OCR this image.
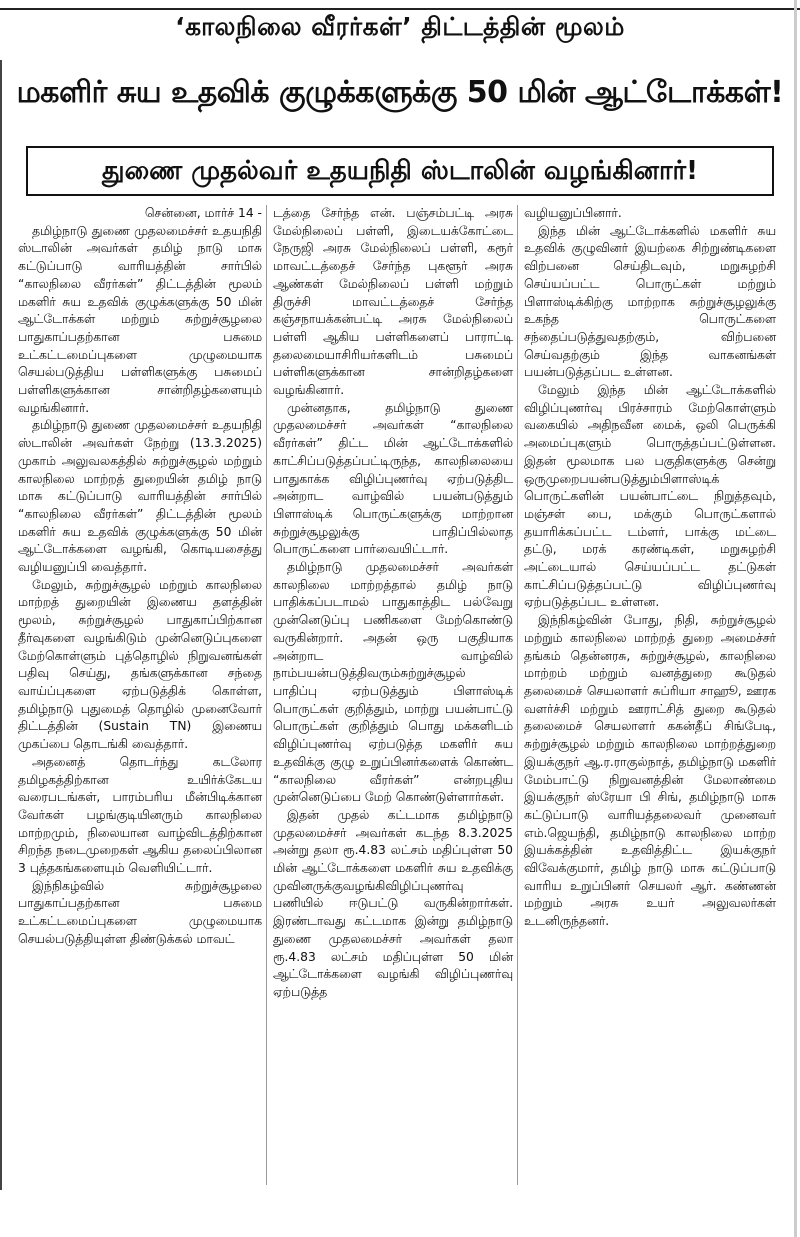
‘காலநிலை வீரர்கள்’ திட்டத்தின் மூலம்
மகளிர் சுய உதவிக் குழுக்களுக்கு 50 மின் ஆட்டோக்கள்!
துணை முதல்வர் உதயநிதி ஸ்டாலின் வழங்கினார்!
சென்னை, மார்ச் 14 -

தமிழ்நாடு துணை முதலமைச்சர் உதயநிதி ஸ்டாலின் அவர்கள் தமிழ் நாடு மாசு கட்டுப்பாடு வாரியத்தின் சார்பில் “காலநிலை வீரர்கள்” திட்டத்தின் மூலம் மகளிர் சுய உதவிக் குழுக்களுக்கு 50 மின் ஆட்டோக்கள் மற்றும் சுற்றுச்சூழலை பாதுகாப்பதற்கான பசுமை உட்கட்டமைப்புகளை முழுமையாக செயல்படுத்திய பள்ளிகளுக்கு பசுமைப் பள்ளிகளுக்கான சான்றிதழ்களையும் வழங்கினார்.

தமிழ்நாடு துணை முதலமைச்சர் உதயநிதி ஸ்டாலின் அவர்கள் நேற்று (13.3.2025) முகாம் அலுவலகத்தில் சுற்றுச்சூழல் மற்றும் காலநிலை மாற்றத் துறையின் தமிழ் நாடு மாசு கட்டுப்பாடு வாரியத்தின் சார்பில் “காலநிலை வீரர்கள்” திட்டத்தின் மூலம் மகளிர் சுய உதவிக் குழுக்களுக்கு 50 மின் ஆட்டோக்களை வழங்கி, கொடியசைத்து வழியனுப்பி வைத்தார்.

மேலும், சுற்றுச்சூழல் மற்றும் காலநிலை மாற்றத் துறையின் இணைய தளத்தின் மூலம், சுற்றுச்சூழல் பாதுகாப்பிற்கான தீர்வுகளை வழங்கிடும் முன்னெடுப்புகளை மேற்கொள்ளும் புத்தொழில் நிறுவனங்கள் பதிவு செய்து, தங்களுக்கான சந்தை வாய்ப்புகளை ஏற்படுத்திக் கொள்ள, தமிழ்நாடு புதுமைத் தொழில் முனைவோர் திட்டத்தின் (Sustain TN) இணைய முகப்பை தொடங்கி வைத்தார்.

அதனைத் தொடர்ந்து கடலோர தமிழகத்திற்கான உயிர்க்கேடய வரைபடங்கள், பாரம்பரிய மீன்பிடிக்கான வேர்கள் பழங்குடியினரும் காலநிலை மாற்றமும், நிலையான வாழ்விடத்திற்கான சிறந்த நடைமுறைகள் ஆகிய தலைப்பிலான 3 புத்தகங்களையும் வெளியிட்டார்.

இந்நிகழ்வில் சுற்றுச்சூழலை பாதுகாப்பதற்கான பசுமை உட்கட்டமைப்புகளை முழுமையாக செயல்படுத்தியுள்ள திண்டுக்கல் மாவட்

டத்தை சேர்ந்த என். பஞ்சம்பட்டி அரசு மேல்நிலைப் பள்ளி, இடையக்கோட்டை நேருஜி அரசு மேல்நிலைப் பள்ளி, கரூர் மாவட்டத்தைச் சேர்ந்த புகளூர் அரசு ஆண்கள் மேல்நிலைப் பள்ளி மற்றும் திருச்சி மாவட்டத்தைச் சேர்ந்த கஞ்சநாயக்கன்பட்டி அரசு மேல்நிலைப் பள்ளி ஆகிய பள்ளிகளைப் பாராட்டி தலைமையாசிரியர்களிடம் பசுமைப் பள்ளிகளுக்கான சான்றிதழ்களை வழங்கினார்.

முன்னதாக, தமிழ்நாடு துணை முதலமைச்சர் அவர்கள் “காலநிலை வீரர்கள்” திட்ட மின் ஆட்டோக்களில் காட்சிப்படுத்தப்பட்டிருந்த, காலநிலையை பாதுகாக்க விழிப்புணர்வு ஏற்படுத்திட அன்றாட வாழ்வில் பயன்படுத்தும் பிளாஸ்டிக் பொருட்களுக்கு மாற்றான சுற்றுச்சூழலுக்கு பாதிப்பில்லாத பொருட்களை பார்வையிட்டார்.

தமிழ்நாடு முதலமைச்சர் அவர்கள் காலநிலை மாற்றத்தால் தமிழ் நாடு பாதிக்கப்படாமல் பாதுகாத்திட பல்வேறு முன்னெடுப்பு பணிகளை மேற்கொண்டு வருகின்றார். அதன் ஒரு பகுதியாக அன்றாட வாழ்வில் நாம்பயன்படுத்திவரும்சுற்றுச்சூழல் பாதிப்பு ஏற்படுத்தும் பிளாஸ்டிக் பொருட்கள் குறித்தும், மாற்று பயன்பாட்டு பொருட்கள் குறித்தும் பொது மக்களிடம் விழிப்புணர்வு ஏற்படுத்த மகளிர் சுய உதவிக்கு குழு உறுப்பினர்களைக் கொண்ட “காலநிலை வீரர்கள்” என்றபுதிய முன்னெடுப்பை மேற் கொண்டுள்ளார்கள்.

இதன் முதல் கட்டமாக தமிழ்நாடு முதலமைச்சர் அவர்கள் கடந்த 8.3.2025 அன்று தலா ரூ.4.83 லட்சம் மதிப்புள்ள 50 மின் ஆட்டோக்களை மகளிர் சுய உதவிக்கு முவினருக்குவழங்கிவிழிப்புணர்வு பணியில் ஈடுபட்டு வருகின்றார்கள். இரண்டாவது கட்டமாக இன்று தமிழ்நாடு துணை முதலமைச்சர் அவர்கள் தலா ரூ.4.83 லட்சம் மதிப்புள்ள 50 மின் ஆட்டோக்களை வழங்கி விழிப்புணர்வு ஏற்படுத்த

வழியனுப்பினார்.

இந்த மின் ஆட்டோக்களில் மகளிர் சுய உதவிக் குழுவினர் இயற்கை சிற்றுண்டிகளை விற்பனை செய்திடவும், மறுசுழற்சி செய்யப்பட்ட பொருட்கள் மற்றும் பிளாஸ்டிக்கிற்கு மாற்றாக சுற்றுச்சூழலுக்கு உகந்த பொருட்களை சந்தைப்படுத்துவதற்கும், விற்பனை செய்வதற்கும் இந்த வாகனங்கள் பயன்படுத்தப்பட உள்ளன.

மேலும் இந்த மின் ஆட்டோக்களில் விழிப்புணர்வு பிரச்சாரம் மேற்கொள்ளும் வகையில் அதிநவீன மைக், ஒலி பெருக்கி அமைப்புகளும் பொருத்தப்பட்டுள்ளன. இதன் மூலமாக பல பகுதிகளுக்கு சென்று ஒருமுறைபயன்படுத்தும்பிளாஸ்டிக் பொருட்களின் பயன்பாட்டை நிறுத்தவும், மஞ்சள் பை, மக்கும் பொருட்களால் தயாரிக்கப்பட்ட டம்ளர், பாக்கு மட்டை தட்டு, மரக் கரண்டிகள், மறுசுழற்சி அட்டையால் செய்யப்பட்ட தட்டுகள் காட்சிப்படுத்தப்பட்டு விழிப்புணர்வு ஏற்படுத்தப்பட உள்ளன.

இந்நிகழ்வின் போது, நிதி, சுற்றுச்சூழல் மற்றும் காலநிலை மாற்றத் துறை அமைச்சர் தங்கம் தென்னரசு, சுற்றுச்சூழல், காலநிலை மாற்றம் மற்றும் வனத்துறை கூடுதல் தலைமைச் செயலாளர் சுப்ரியா சாஹூ, ஊரக வளர்ச்சி மற்றும் ஊராட்சித் துறை கூடுதல் தலைமைச் செயலாளர் ககன்தீப் சிங்பேடி, சுற்றுச்சூழல் மற்றும் காலநிலை மாற்றத்துறை இயக்குநர் ஆ.ர.ராகுல்நாத், தமிழ்நாடு மகளிர் மேம்பாட்டு நிறுவனத்தின் மேலாண்மை இயக்குநர் ஸ்ரேயா பி சிங், தமிழ்நாடு மாசு கட்டுப்பாடு வாரியத்தலைவர் முனைவர் எம்.ஜெயந்தி, தமிழ்நாடு காலநிலை மாற்ற இயக்கத்தின் உதவித்திட்ட இயக்குநர் விவேக்குமார், தமிழ் நாடு மாசு கட்டுப்பாடு வாரிய உறுப்பினர் செயலர் ஆர். கண்ணன் மற்றும் அரசு உயர் அலுவலர்கள் உடனிருந்தனர்.
